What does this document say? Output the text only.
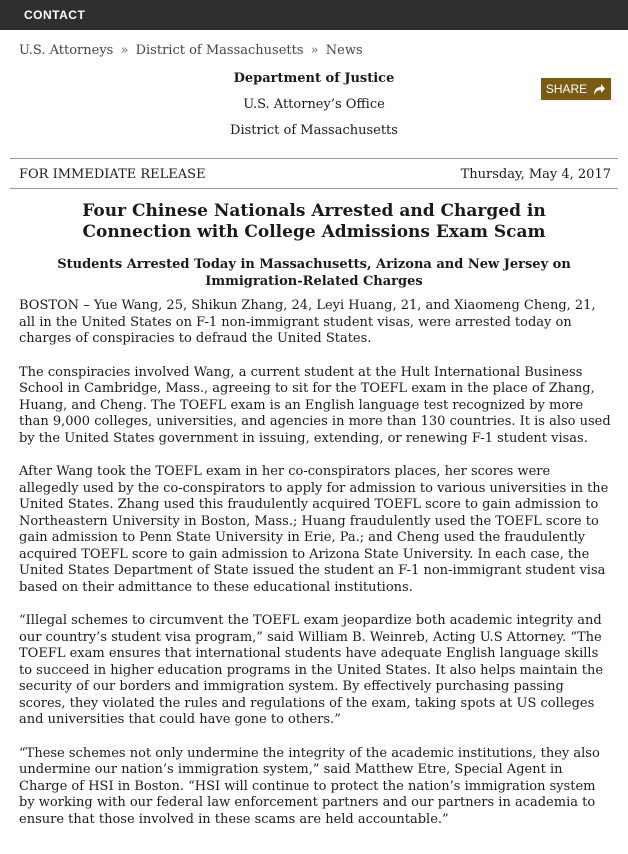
CONTACT
U.S. Attorneys » District of Massachusetts » News
Department of Justice
U.S. Attorney’s Office
District of Massachusetts
SHARE
FOR IMMEDIATE RELEASE	Thursday, May 4, 2017
Four Chinese Nationals Arrested and Charged in Connection with College Admissions Exam Scam
Students Arrested Today in Massachusetts, Arizona and New Jersey on Immigration-Related Charges

BOSTON – Yue Wang, 25, Shikun Zhang, 24, Leyi Huang, 21, and Xiaomeng Cheng, 21, all in the United States on F-1 non-immigrant student visas, were arrested today on charges of conspiracies to defraud the United States.

The conspiracies involved Wang, a current student at the Hult International Business School in Cambridge, Mass., agreeing to sit for the TOEFL exam in the place of Zhang, Huang, and Cheng. The TOEFL exam is an English language test recognized by more than 9,000 colleges, universities, and agencies in more than 130 countries. It is also used by the United States government in issuing, extending, or renewing F-1 student visas.

After Wang took the TOEFL exam in her co-conspirators places, her scores were allegedly used by the co-conspirators to apply for admission to various universities in the United States. Zhang used this fraudulently acquired TOEFL score to gain admission to Northeastern University in Boston, Mass.; Huang fraudulently used the TOEFL score to gain admission to Penn State University in Erie, Pa.; and Cheng used the fraudulently acquired TOEFL score to gain admission to Arizona State University. In each case, the United States Department of State issued the student an F-1 non-immigrant student visa based on their admittance to these educational institutions.

“Illegal schemes to circumvent the TOEFL exam jeopardize both academic integrity and our country’s student visa program,” said William B. Weinreb, Acting U.S Attorney. “The TOEFL exam ensures that international students have adequate English language skills to succeed in higher education programs in the United States. It also helps maintain the security of our borders and immigration system. By effectively purchasing passing scores, they violated the rules and regulations of the exam, taking spots at US colleges and universities that could have gone to others.”

“These schemes not only undermine the integrity of the academic institutions, they also undermine our nation’s immigration system,” said Matthew Etre, Special Agent in Charge of HSI in Boston. “HSI will continue to protect the nation’s immigration system by working with our federal law enforcement partners and our partners in academia to ensure that those involved in these scams are held accountable.”
